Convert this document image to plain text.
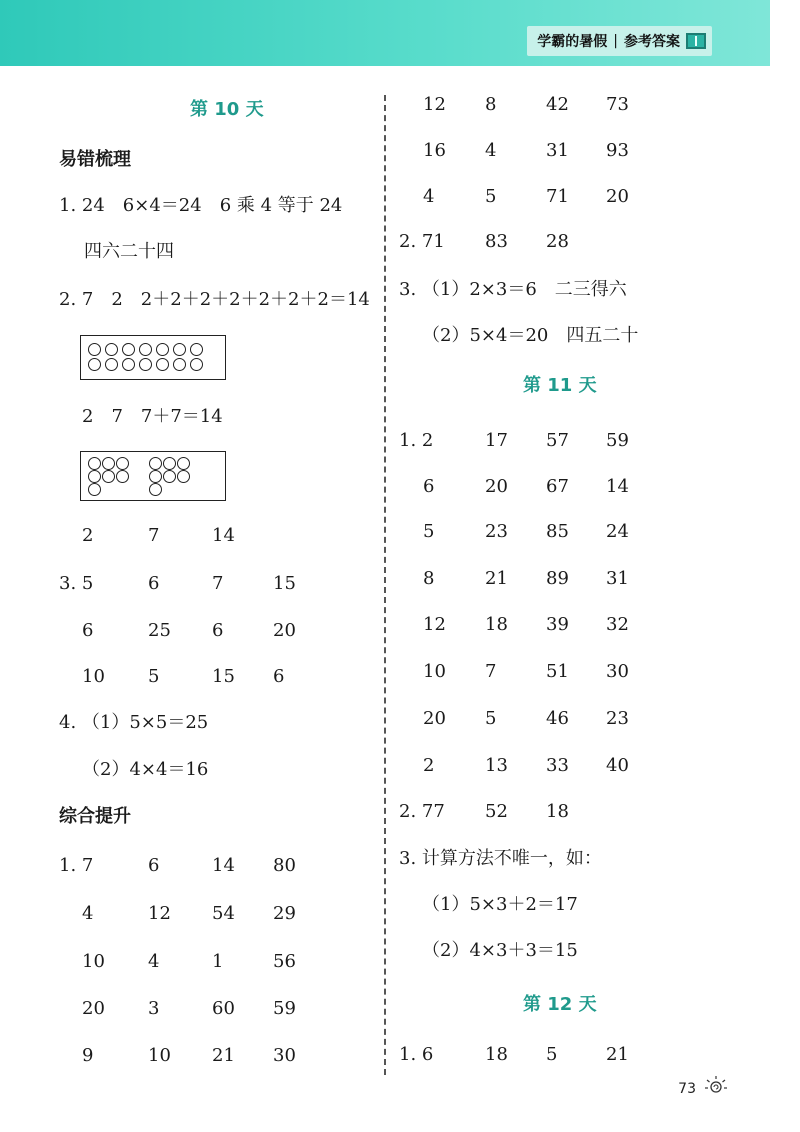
学霸的暑假 | 参考答案
第 10 天
易错梳理
1. 24　6×4＝24　6 乘 4 等于 24
四六二十四
2. 7　2　2＋2＋2＋2＋2＋2＋2＝14
2　7　7＋7＝14
2	7	14
3. 5	6	7	15
6	25 6	20
10 5	15 6
4. （1）5×5＝25
（2）4×4＝16
综合提升
1. 7	6	14 80
4	12 54 29
10 4	1	56
20 3	60 59
9	10 21 30
12 8	42 73
16 4	31 93
4	5	71 20
2. 71 83 28
3. （1）2×3＝6　二三得六
（2）5×4＝20　四五二十
第 11 天
1. 2	17 57 59
6	20 67 14
5	23 85 24
8	21 89 31
12 18 39 32
10 7	51 30
20 5	46 23
2	13 33 40
2. 77 52 18
3. 计算方法不唯一，如：
（1）5×3＋2＝17
（2）4×3＋3＝15
第 12 天
1. 6	18 5	21
73
